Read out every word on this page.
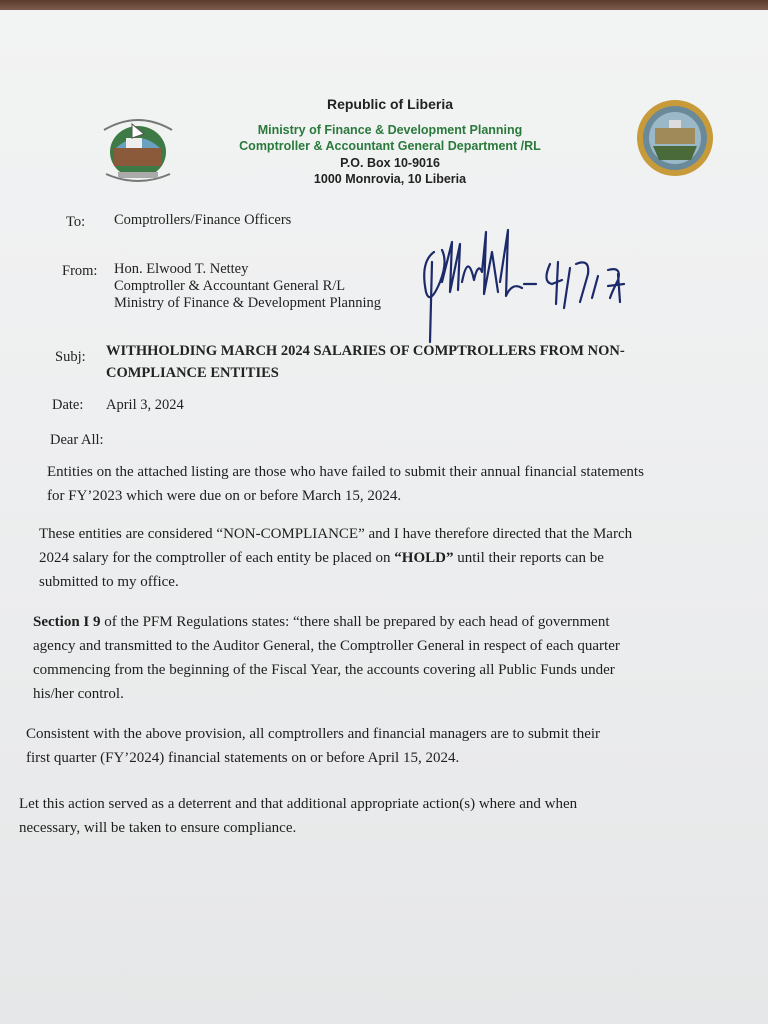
Republic of Liberia
Ministry of Finance & Development Planning
Comptroller & Accountant General Department /RL
P.O. Box 10-9016
1000 Monrovia, 10 Liberia
To: Comptrollers/Finance Officers
From: Hon. Elwood T. Nettey
Comptroller & Accountant General R/L
Ministry of Finance & Development Planning
Subj: WITHHOLDING MARCH 2024 SALARIES OF COMPTROLLERS FROM NON-
COMPLIANCE ENTITIES
Date: April 3, 2024
Dear All:
Entities on the attached listing are those who have failed to submit their annual financial statements
for FY’2023 which were due on or before March 15, 2024.
These entities are considered “NON-COMPLIANCE” and I have therefore directed that the March
2024 salary for the comptroller of each entity be placed on “HOLD” until their reports can be
submitted to my office.
Section I 9 of the PFM Regulations states: “there shall be prepared by each head of government
agency and transmitted to the Auditor General, the Comptroller General in respect of each quarter
commencing from the beginning of the Fiscal Year, the accounts covering all Public Funds under
his/her control.
Consistent with the above provision, all comptrollers and financial managers are to submit their
first quarter (FY’2024) financial statements on or before April 15, 2024.
Let this action served as a deterrent and that additional appropriate action(s) where and when
necessary, will be taken to ensure compliance.
